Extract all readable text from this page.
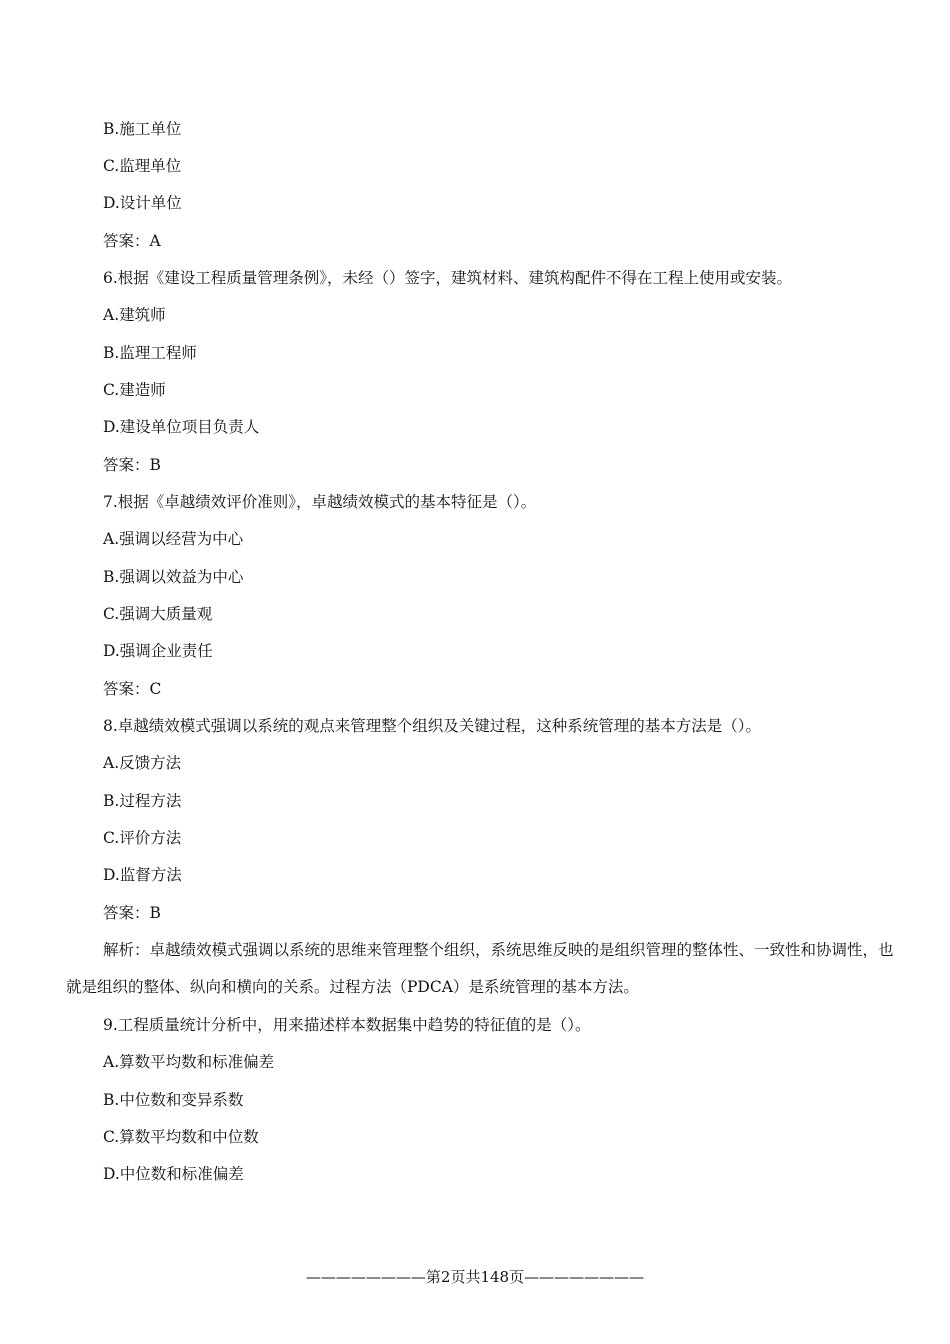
B.施工单位
C.监理单位
D.设计单位
答案：A
6.根据《建设工程质量管理条例》，未经（）签字，建筑材料、建筑构配件不得在工程上使用或安装。
A.建筑师
B.监理工程师
C.建造师
D.建设单位项目负责人
答案：B
7.根据《卓越绩效评价准则》，卓越绩效模式的基本特征是（）。
A.强调以经营为中心
B.强调以效益为中心
C.强调大质量观
D.强调企业责任
答案：C
8.卓越绩效模式强调以系统的观点来管理整个组织及关键过程，这种系统管理的基本方法是（）。
A.反馈方法
B.过程方法
C.评价方法
D.监督方法
答案：B

解析：卓越绩效模式强调以系统的思维来管理整个组织，系统思维反映的是组织管理的整体性、一致性和协调性，也就是组织的整体、纵向和横向的关系。过程方法（PDCA）是系统管理的基本方法。

9.工程质量统计分析中，用来描述样本数据集中趋势的特征值的是（）。
A.算数平均数和标准偏差
B.中位数和变异系数
C.算数平均数和中位数
D.中位数和标准偏差
————————第2页共148页————————
